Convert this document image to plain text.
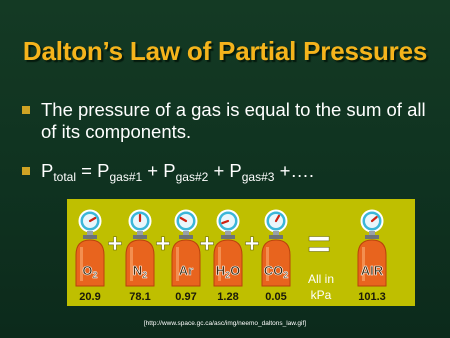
Dalton’s Law of Partial Pressures
The pressure of a gas is equal to the sum of all of its components.
$P_{total} = P_{gas\#1} + P_{gas\#2} + P_{gas\#3}$ +….
$O_2$
20.9
$N_2$
78.1
Ar
0.97
$H_2O$
1.28
$CO_2$
0.05
+ + + + =
All in
kPa
AIR
101.3
[http://www.space.gc.ca/asc/img/neemo_daltons_law.gif]
